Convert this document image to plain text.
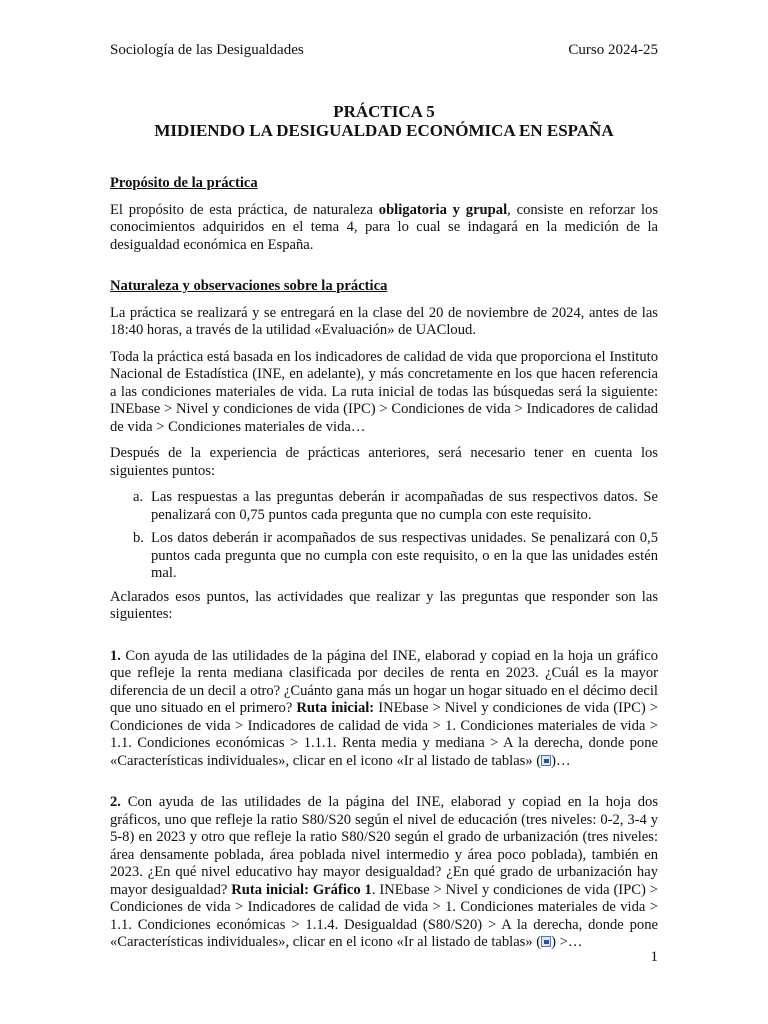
Sociología de las Desigualdades	Curso 2024-25
PRÁCTICA 5
MIDIENDO LA DESIGUALDAD ECONÓMICA EN ESPAÑA

Propósito de la práctica

El propósito de esta práctica, de naturaleza obligatoria y grupal, consiste en reforzar los conocimientos adquiridos en el tema 4, para lo cual se indagará en la medición de la desigualdad económica en España.

Naturaleza y observaciones sobre la práctica

La práctica se realizará y se entregará en la clase del 20 de noviembre de 2024, antes de las 18:40 horas, a través de la utilidad «Evaluación» de UACloud.

Toda la práctica está basada en los indicadores de calidad de vida que proporciona el Instituto Nacional de Estadística (INE, en adelante), y más concretamente en los que hacen referencia a las condiciones materiales de vida. La ruta inicial de todas las búsquedas será la siguiente: INEbase > Nivel y condiciones de vida (IPC) > Condiciones de vida > Indicadores de calidad de vida > Condiciones materiales de vida…

Después de la experiencia de prácticas anteriores, será necesario tener en cuenta los siguientes puntos:

a. Las respuestas a las preguntas deberán ir acompañadas de sus respectivos datos. Se penalizará con 0,75 puntos cada pregunta que no cumpla con este requisito.
b. Los datos deberán ir acompañados de sus respectivas unidades. Se penalizará con 0,5 puntos cada pregunta que no cumpla con este requisito, o en la que las unidades estén mal.

Aclarados esos puntos, las actividades que realizar y las preguntas que responder son las siguientes:

1. Con ayuda de las utilidades de la página del INE, elaborad y copiad en la hoja un gráfico que refleje la renta mediana clasificada por deciles de renta en 2023. ¿Cuál es la mayor diferencia de un decil a otro? ¿Cuánto gana más un hogar un hogar situado en el décimo decil que uno situado en el primero? Ruta inicial: INEbase > Nivel y condiciones de vida (IPC) > Condiciones de vida > Indicadores de calidad de vida > 1. Condiciones materiales de vida > 1.1. Condiciones económicas > 1.1.1. Renta media y mediana > A la derecha, donde pone «Características individuales», clicar en el icono «Ir al listado de tablas» ( )…

2. Con ayuda de las utilidades de la página del INE, elaborad y copiad en la hoja dos gráficos, uno que refleje la ratio S80/S20 según el nivel de educación (tres niveles: 0-2, 3-4 y 5-8) en 2023 y otro que refleje la ratio S80/S20 según el grado de urbanización (tres niveles: área densamente poblada, área poblada nivel intermedio y área poco poblada), también en 2023. ¿En qué nivel educativo hay mayor desigualdad? ¿En qué grado de urbanización hay mayor desigualdad? Ruta inicial: Gráfico 1. INEbase > Nivel y condiciones de vida (IPC) > Condiciones de vida > Indicadores de calidad de vida > 1. Condiciones materiales de vida > 1.1. Condiciones económicas > 1.1.4. Desigualdad (S80/S20) > A la derecha, donde pone «Características individuales», clicar en el icono «Ir al listado de tablas» ( ) >…

1
